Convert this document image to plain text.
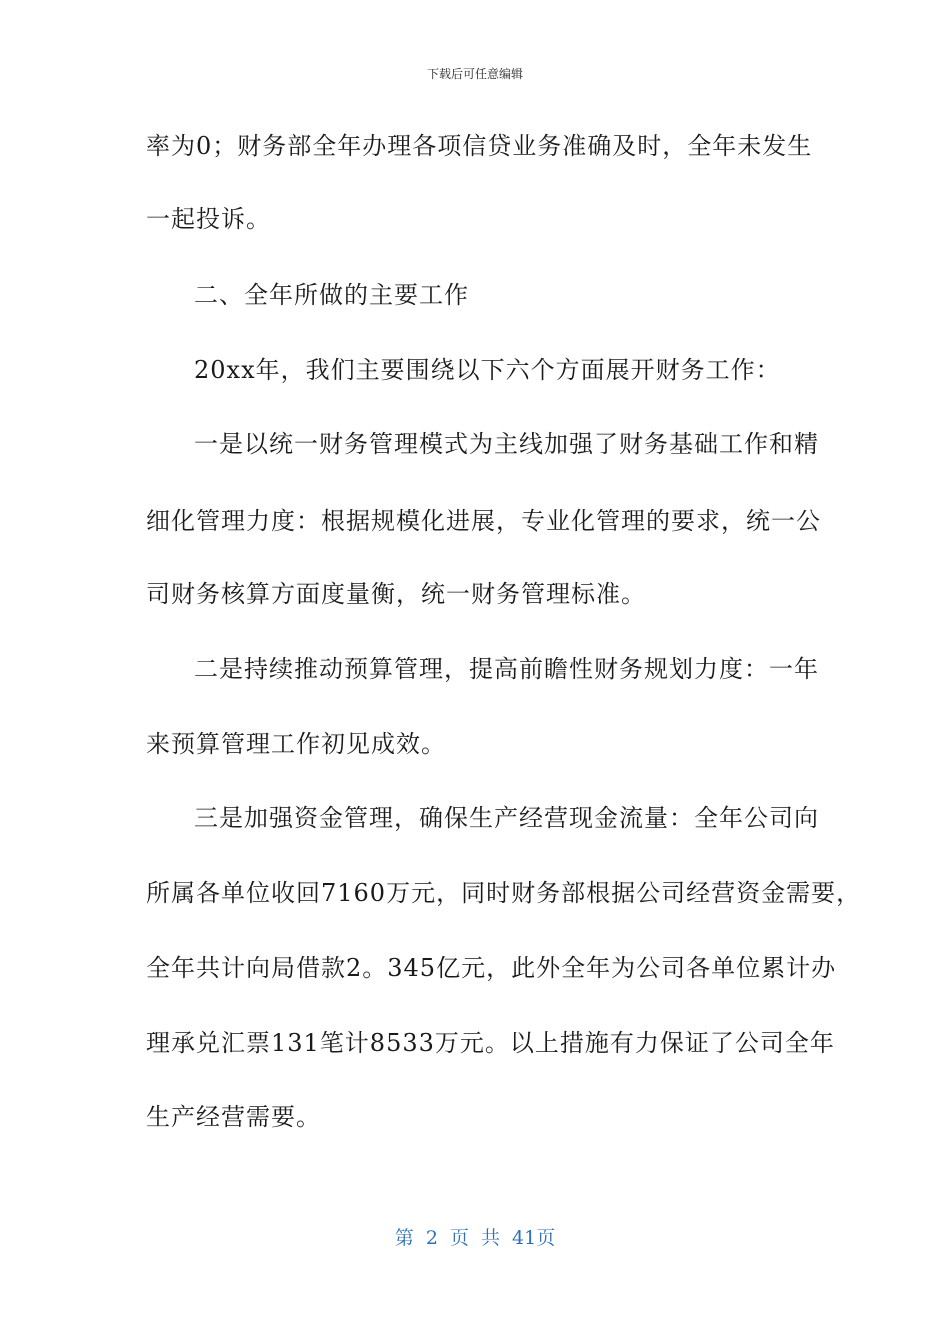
下载后可任意编辑
率为0；财务部全年办理各项信贷业务准确及时，全年未发生
一起投诉。
二、全年所做的主要工作
20xx年，我们主要围绕以下六个方面展开财务工作：
一是以统一财务管理模式为主线加强了财务基础工作和精
细化管理力度：根据规模化进展，专业化管理的要求，统一公
司财务核算方面度量衡，统一财务管理标准。
二是持续推动预算管理，提高前瞻性财务规划力度：一年
来预算管理工作初见成效。
三是加强资金管理，确保生产经营现金流量：全年公司向
所属各单位收回7160万元，同时财务部根据公司经营资金需要，
全年共计向局借款2。345亿元，此外全年为公司各单位累计办
理承兑汇票131笔计8533万元。以上措施有力保证了公司全年
生产经营需要。
第 2 页 共 41页
